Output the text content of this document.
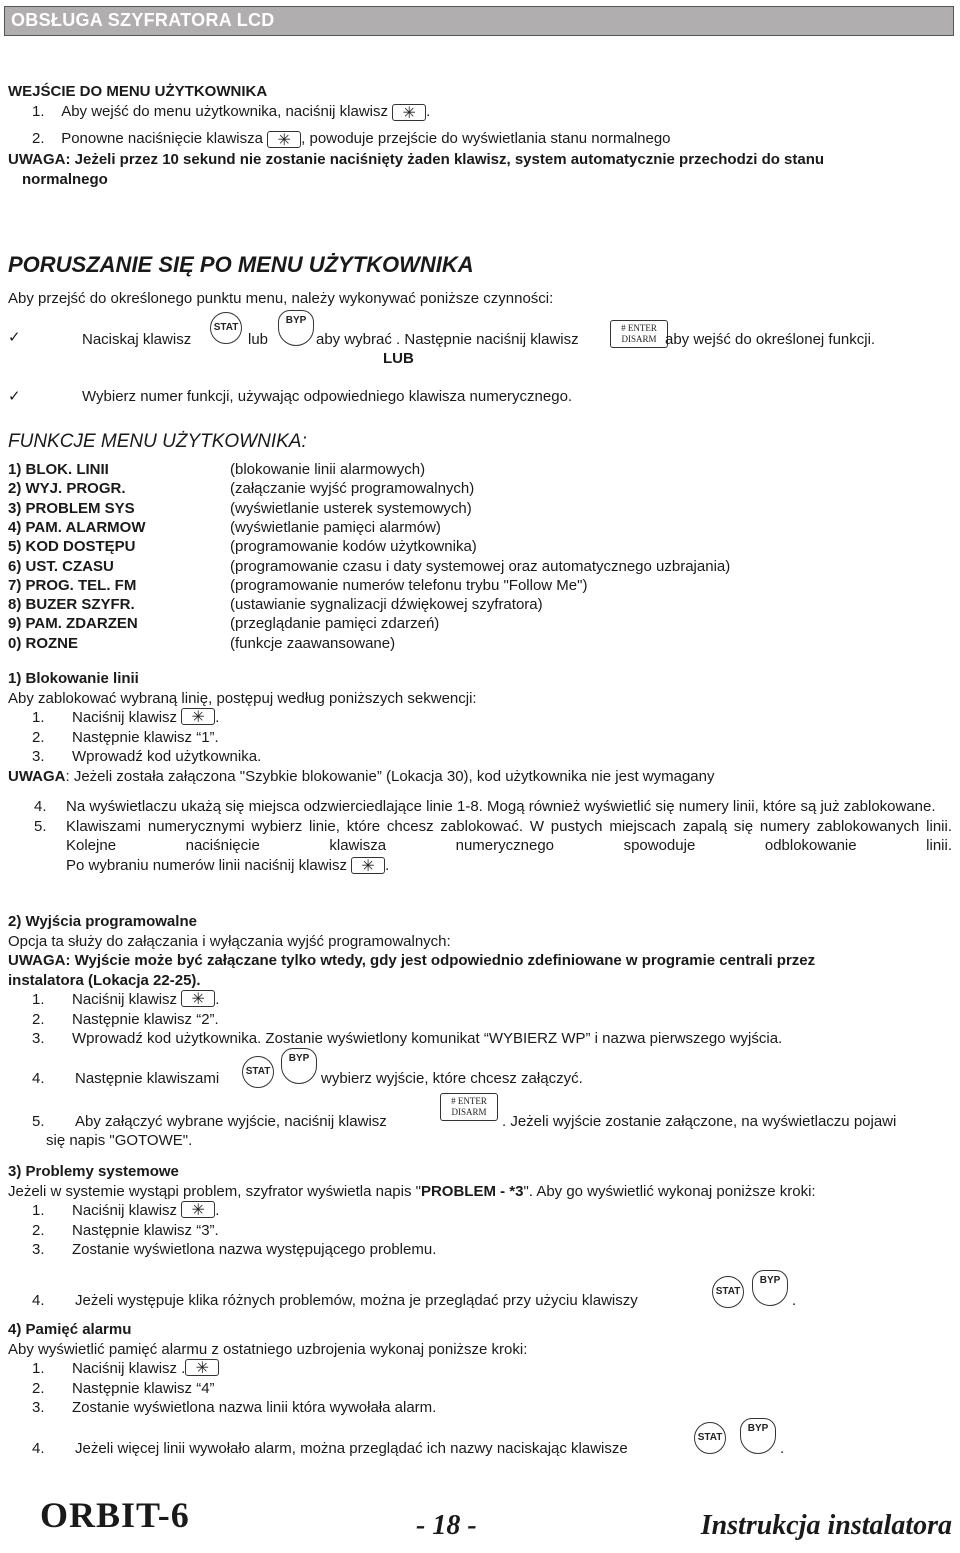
OBSŁUGA SZYFRATORA LCD
WEJŚCIE DO MENU UŻYTKOWNIKA
1. Aby wejść do menu użytkownika, naciśnij klawisz ✳ .
2. Ponowne naciśnięcie klawisza ✳ , powoduje przejście do wyświetlania stanu normalnego
UWAGA: Jeżeli przez 10 sekund nie zostanie naciśnięty żaden klawisz, system automatycznie przechodzi do stanu
normalnego
PORUSZANIE SIĘ PO MENU UŻYTKOWNIKA
Aby przejść do określonego punktu menu, należy wykonywać poniższe czynności:
✓	Naciskaj klawisz
STAT
lub
BYP
aby wybrać . Następnie naciśnij klawisz
# ENTER
DISARM aby wejść do określonej funkcji.
LUB
✓	Wybierz numer funkcji, używając odpowiedniego klawisza numerycznego.
FUNKCJE MENU UŻYTKOWNIKA:
1) BLOK. LINII	(blokowanie linii alarmowych)
2) WYJ. PROGR.	(załączanie wyjść programowalnych)
3) PROBLEM SYS	(wyświetlanie usterek systemowych)
4) PAM. ALARMOW	(wyświetlanie pamięci alarmów)
5) KOD DOSTĘPU	(programowanie kodów użytkownika)
6) UST. CZASU	(programowanie czasu i daty systemowej oraz automatycznego uzbrajania)
7) PROG. TEL. FM	(programowanie numerów telefonu trybu "Follow Me")
8) BUZER SZYFR.	(ustawianie sygnalizacji dźwiękowej szyfratora)
9) PAM. ZDARZEN	(przeglądanie pamięci zdarzeń)
0) ROZNE	(funkcje zaawansowane)
1) Blokowanie linii
Aby zablokować wybraną linię, postępuj według poniższych sekwencji:
1.	Naciśnij klawisz
✳ .
2.	Następnie klawisz “1”.
3.	Wprowadź kod użytkownika.
UWAGA: Jeżeli została załączona "Szybkie blokowanie” (Lokacja 30), kod użytkownika nie jest wymagany
4.	Na wyświetlaczu ukażą się miejsca odzwierciedlające linie 1-8. Mogą również wyświetlić się numery linii, które są już zablokowane.
5.	Klawiszami numerycznymi wybierz linie, które chcesz zablokować. W pustych miejscach zapalą się numery zablokowanych linii. Kolejne naciśnięcie klawisza numerycznego spowoduje odblokowanie linii.
Po wybraniu numerów linii naciśnij klawisz ✳ .
2) Wyjścia programowalne
Opcja ta służy do załączania i wyłączania wyjść programowalnych:
UWAGA: Wyjście może być załączane tylko wtedy, gdy jest odpowiednio zdefiniowane w programie centrali przez
instalatora (Lokacja 22-25).
1.	Naciśnij klawisz
✳ .
2.	Następnie klawisz “2”.
3.	Wprowadź kod użytkownika. Zostanie wyświetlony komunikat “WYBIERZ WP” i nazwa pierwszego wyjścia.
4. Następnie klawiszami	STAT
BYP
wybierz wyjście, które chcesz załączyć.
5. Aby załączyć wybrane wyjście, naciśnij klawisz
# ENTER
DISARM
. Jeżeli wyjście zostanie załączone, na wyświetlaczu pojawi
się napis "GOTOWE".
3) Problemy systemowe
Jeżeli w systemie wystąpi problem, szyfrator wyświetla napis "PROBLEM - *3". Aby go wyświetlić wykonaj poniższe kroki:
1.	Naciśnij klawisz
✳ .
2.	Następnie klawisz “3”.
3.	Zostanie wyświetlona nazwa występującego problemu.
4. Jeżeli występuje klika różnych problemów, można je przeglądać przy użyciu klawiszy
STAT
BYP
.
4) Pamięć alarmu
Aby wyświetlić pamięć alarmu z ostatniego uzbrojenia wykonaj poniższe kroki:
1.	Naciśnij klawisz . ✳
2.	Następnie klawisz “4”
3.	Zostanie wyświetlona nazwa linii która wywołała alarm.
4. Jeżeli więcej linii wywołało alarm, można przeglądać ich nazwy naciskając klawisze
STAT
BYP
.
ORBIT-6	- 18 -	Instrukcja instalatora
